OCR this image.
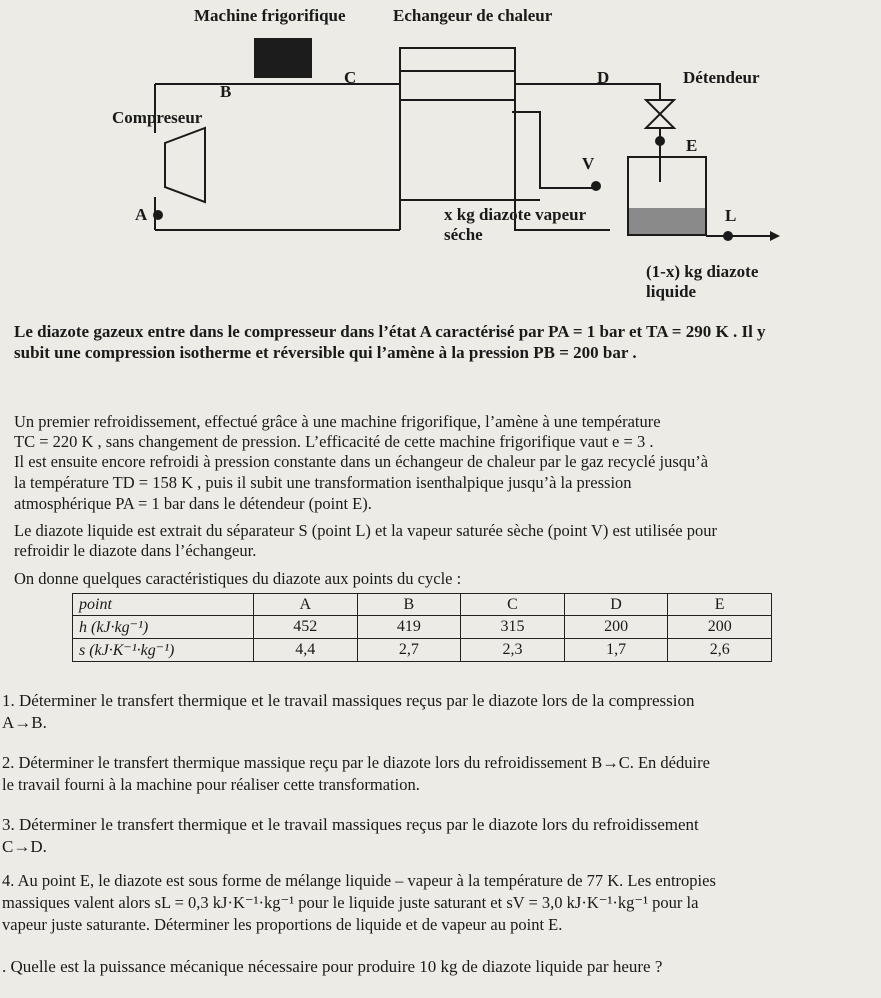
Machine frigorifique	Echangeur de chaleur
B
C	D	Détendeur
Compreseur
E
V
A	x kg diazote vapeur
séche
L
(1-x) kg diazote
liquide
Le diazote gazeux entre dans le compresseur dans l’état A caractérisé par PA = 1 bar et TA = 290 K . Il y
subit une compression isotherme et réversible qui l’amène à la pression PB = 200 bar .
Un premier refroidissement, effectué grâce à une machine frigorifique, l’amène à une température
TC = 220 K , sans changement de pression. L’efficacité de cette machine frigorifique vaut e = 3 .
Il est ensuite encore refroidi à pression constante dans un échangeur de chaleur par le gaz recyclé jusqu’à
la température TD = 158 K , puis il subit une transformation isenthalpique jusqu’à la pression
atmosphérique PA = 1 bar dans le détendeur (point E).
Le diazote liquide est extrait du séparateur S (point L) et la vapeur saturée sèche (point V) est utilisée pour
refroidir le diazote dans l’échangeur.
On donne quelques caractéristiques du diazote aux points du cycle :
point	A	B	C	D	E
h (kJ·kg⁻¹)	452	419	315	200	200
s (kJ·K⁻¹·kg⁻¹)	4,4	2,7	2,3	1,7	2,6
1. Déterminer le transfert thermique et le travail massiques reçus par le diazote lors de la compression
A→B.
2. Déterminer le transfert thermique massique reçu par le diazote lors du refroidissement B→C. En déduire
le travail fourni à la machine pour réaliser cette transformation.
3. Déterminer le transfert thermique et le travail massiques reçus par le diazote lors du refroidissement
C→D.
4. Au point E, le diazote est sous forme de mélange liquide – vapeur à la température de 77 K. Les entropies
massiques valent alors sL = 0,3 kJ·K⁻¹·kg⁻¹ pour le liquide juste saturant et sV = 3,0 kJ·K⁻¹·kg⁻¹ pour la
vapeur juste saturante. Déterminer les proportions de liquide et de vapeur au point E.
. Quelle est la puissance mécanique nécessaire pour produire 10 kg de diazote liquide par heure ?
